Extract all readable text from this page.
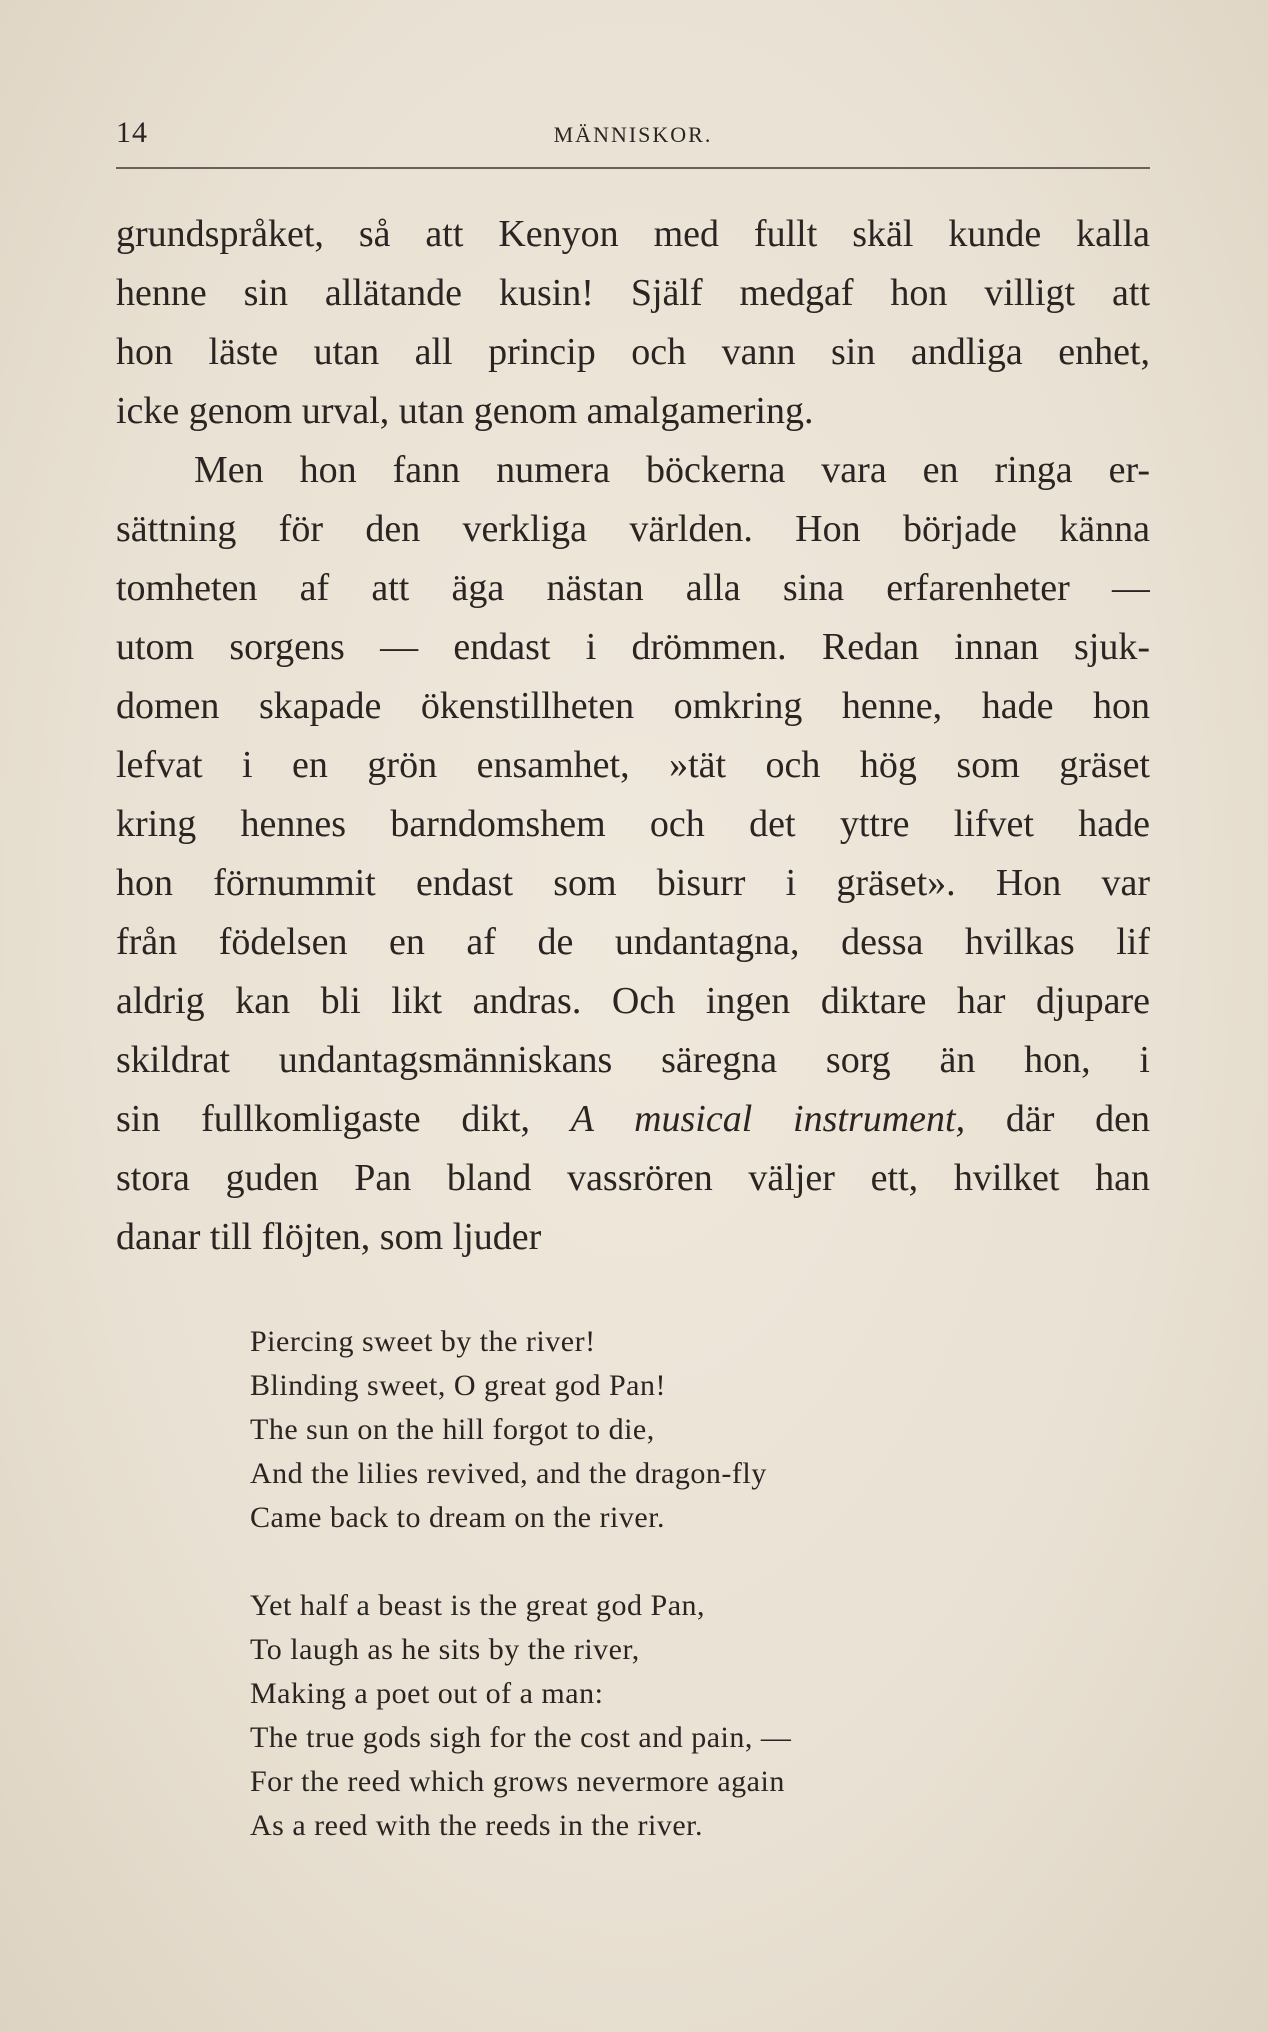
14	MÄNNISKOR.
grundspråket, så att Kenyon med fullt skäl kunde kalla
henne sin allätande kusin! Själf medgaf hon villigt att
hon läste utan all princip och vann sin andliga enhet,
icke genom urval, utan genom amalgamering.
Men hon fann numera böckerna vara en ringa er-
sättning för den verkliga världen. Hon började känna
tomheten af att äga nästan alla sina erfarenheter —
utom sorgens — endast i drömmen. Redan innan sjuk-
domen skapade ökenstillheten omkring henne, hade hon
lefvat i en grön ensamhet, »tät och hög som gräset
kring hennes barndomshem och det yttre lifvet hade
hon förnummit endast som bisurr i gräset». Hon var
från födelsen en af de undantagna, dessa hvilkas lif
aldrig kan bli likt andras. Och ingen diktare har djupare
skildrat undantagsmänniskans säregna sorg än hon, i
sin fullkomligaste dikt, A musical instrument, där den
stora guden Pan bland vassrören väljer ett, hvilket han
danar till flöjten, som ljuder
Piercing sweet by the river!
Blinding sweet, O great god Pan!
The sun on the hill forgot to die,
And the lilies revived, and the dragon-fly
Came back to dream on the river.
Yet half a beast is the great god Pan,
To laugh as he sits by the river,
Making a poet out of a man:
The true gods sigh for the cost and pain, —
For the reed which grows nevermore again
As a reed with the reeds in the river.
